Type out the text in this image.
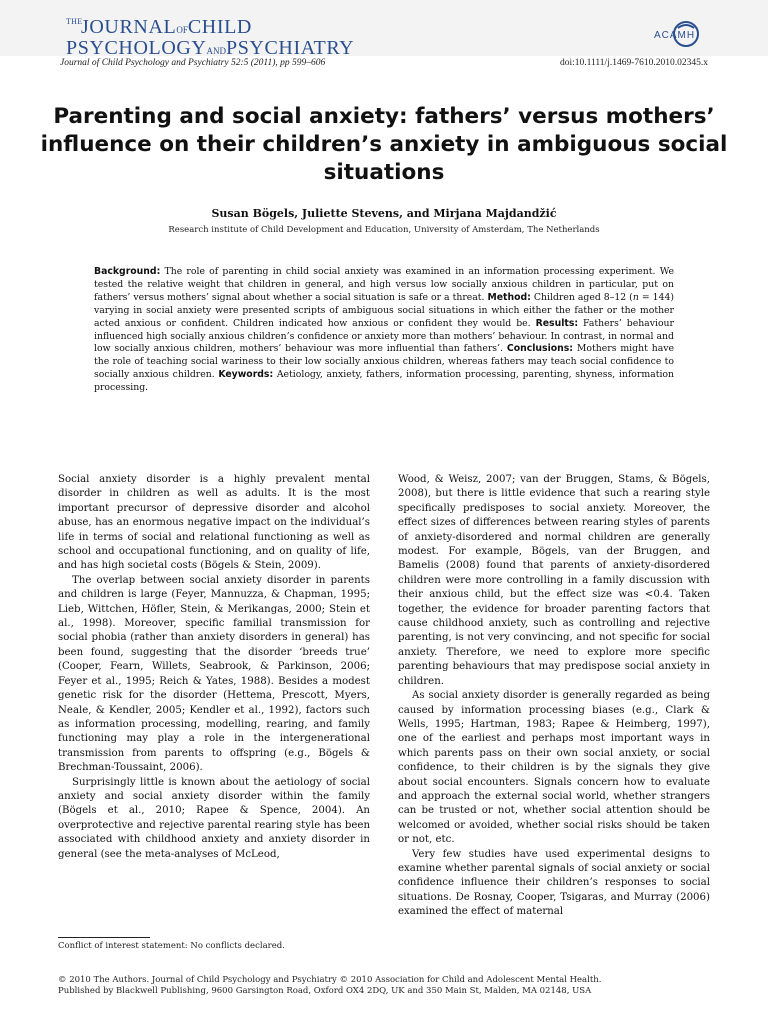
JOURNALOFCHILD
PSYCHOLOGYANDPSYCHIATRY
THE
ACAMH
Journal of Child Psychology and Psychiatry 52:5 (2011), pp 599–606	doi:10.1111/j.1469-7610.2010.02345.x
Parenting and social anxiety: fathers’ versus mothers’ influence on their children’s anxiety in ambiguous social situations
Susan Bögels, Juliette Stevens, and Mirjana Majdandžić
Research institute of Child Development and Education, University of Amsterdam, The Netherlands
Background: The role of parenting in child social anxiety was examined in an information processing experiment. We tested the relative weight that children in general, and high versus low socially anxious children in particular, put on fathers’ versus mothers’ signal about whether a social situation is safe or a threat. Method: Children aged 8–12 (n = 144) varying in social anxiety were presented scripts of ambiguous social situations in which either the father or the mother acted anxious or confident. Children indicated how anxious or confident they would be. Results: Fathers’ behaviour influenced high socially anxious children’s confidence or anxiety more than mothers’ behaviour. In contrast, in normal and low socially anxious children, mothers’ behaviour was more influential than fathers’. Conclusions: Mothers might have the role of teaching social wariness to their low socially anxious children, whereas fathers may teach social confidence to socially anxious children. Keywords: Aetiology, anxiety, fathers, information processing, parenting, shyness, information processing.

Social anxiety disorder is a highly prevalent mental disorder in children as well as adults. It is the most important precursor of depressive disorder and alcohol abuse, has an enormous negative impact on the individual’s life in terms of social and relational functioning as well as school and occupational functioning, and on quality of life, and has high societal costs (Bögels & Stein, 2009).

The overlap between social anxiety disorder in parents and children is large (Feyer, Mannuzza, & Chapman, 1995; Lieb, Wittchen, Höfler, Stein, & Merikangas, 2000; Stein et al., 1998). Moreover, specific familial transmission for social phobia (rather than anxiety disorders in general) has been found, suggesting that the disorder ‘breeds true’ (Cooper, Fearn, Willets, Seabrook, & Parkinson, 2006; Feyer et al., 1995; Reich & Yates, 1988). Besides a modest genetic risk for the disorder (Hettema, Prescott, Myers, Neale, & Kendler, 2005; Kendler et al., 1992), factors such as information processing, modelling, rearing, and family functioning may play a role in the intergenerational transmission from parents to offspring (e.g., Bögels & Brechman-Toussaint, 2006).

Surprisingly little is known about the aetiology of social anxiety and social anxiety disorder within the family (Bögels et al., 2010; Rapee & Spence, 2004). An overprotective and rejective parental rearing style has been associated with childhood anxiety and anxiety disorder in general (see the meta-analyses of McLeod,

Wood, & Weisz, 2007; van der Bruggen, Stams, & Bögels, 2008), but there is little evidence that such a rearing style specifically predisposes to social anxiety. Moreover, the effect sizes of differences between rearing styles of parents of anxiety-disordered and normal children are generally modest. For example, Bögels, van der Bruggen, and Bamelis (2008) found that parents of anxiety-disordered children were more controlling in a family discussion with their anxious child, but the effect size was <0.4. Taken together, the evidence for broader parenting factors that cause childhood anxiety, such as controlling and rejective parenting, is not very convincing, and not specific for social anxiety. Therefore, we need to explore more specific parenting behaviours that may predispose social anxiety in children.

As social anxiety disorder is generally regarded as being caused by information processing biases (e.g., Clark & Wells, 1995; Hartman, 1983; Rapee & Heimberg, 1997), one of the earliest and perhaps most important ways in which parents pass on their own social anxiety, or social confidence, to their children is by the signals they give about social encounters. Signals concern how to evaluate and approach the external social world, whether strangers can be trusted or not, whether social attention should be welcomed or avoided, whether social risks should be taken or not, etc.

Very few studies have used experimental designs to examine whether parental signals of social anxiety or social confidence influence their children’s responses to social situations. De Rosnay, Cooper, Tsigaras, and Murray (2006) examined the effect of maternal

Conflict of interest statement: No conflicts declared.
© 2010 The Authors. Journal of Child Psychology and Psychiatry © 2010 Association for Child and Adolescent Mental Health.
Published by Blackwell Publishing, 9600 Garsington Road, Oxford OX4 2DQ, UK and 350 Main St, Malden, MA 02148, USA
